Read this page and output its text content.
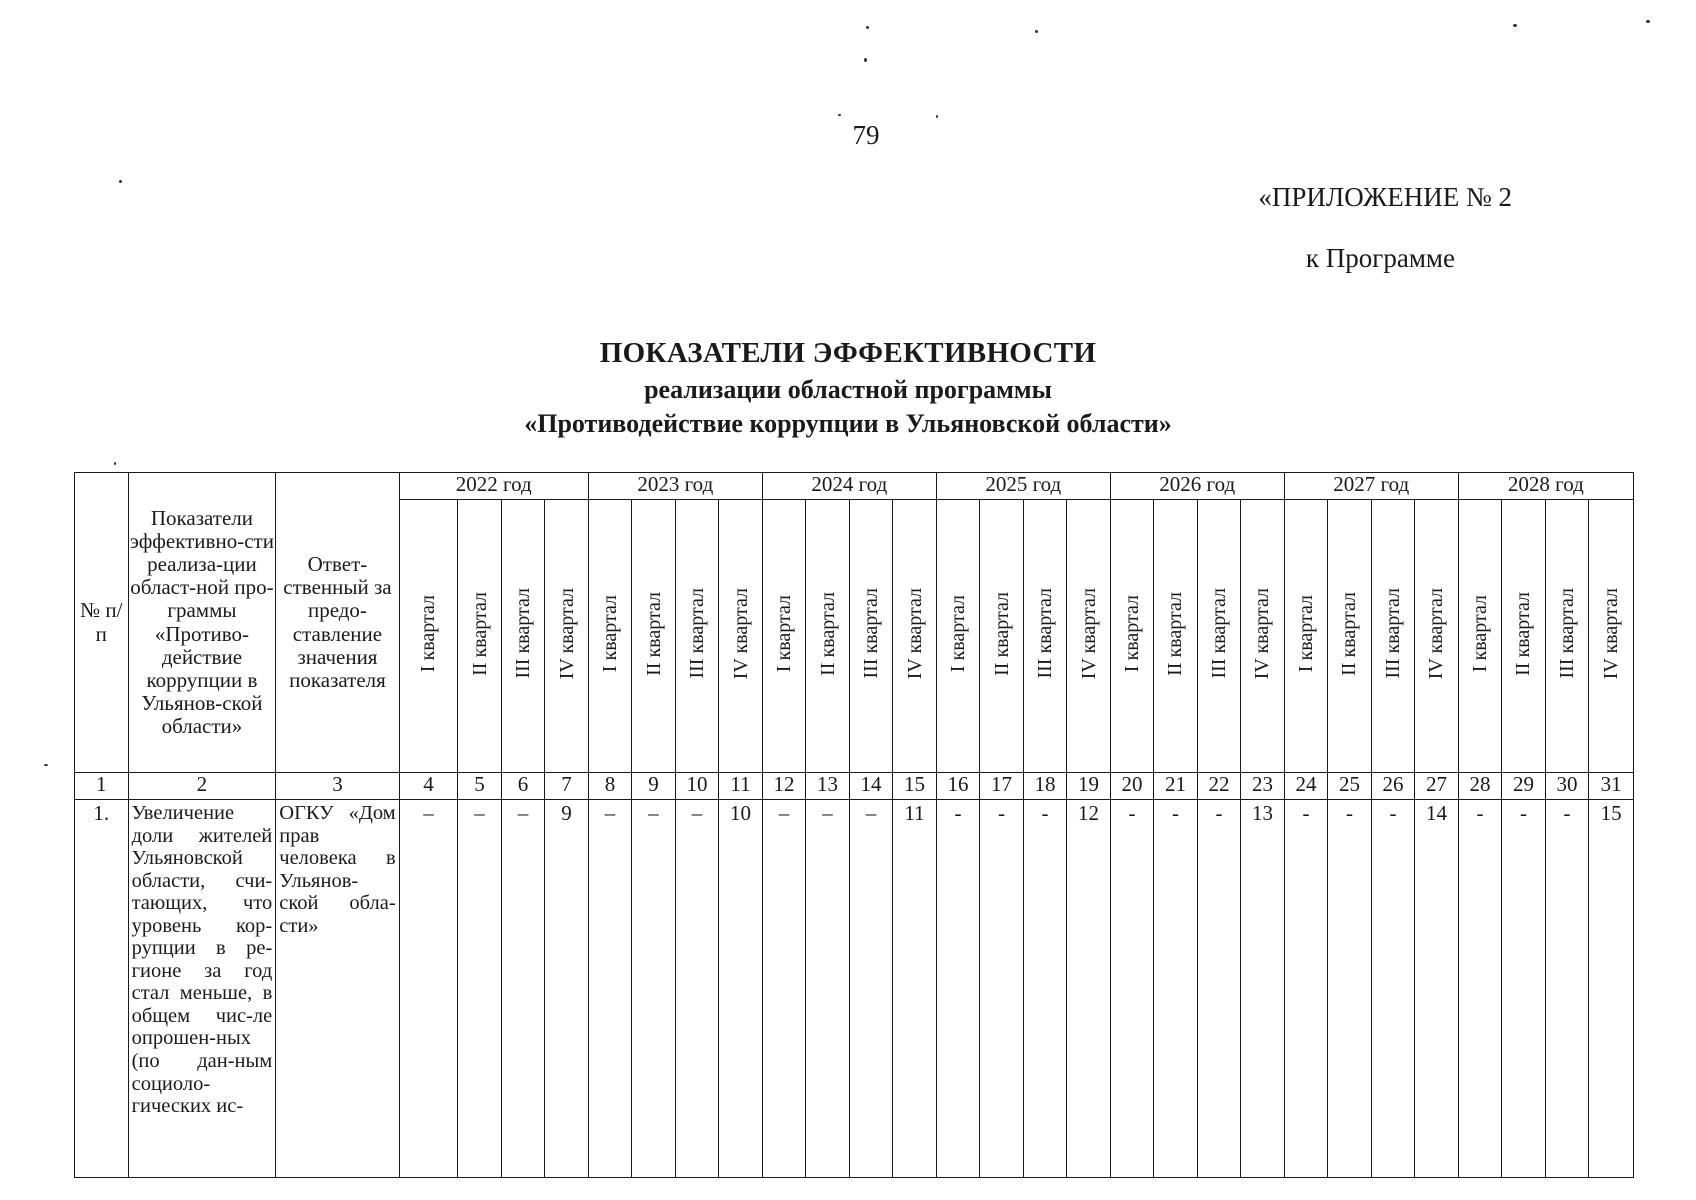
79
«ПРИЛОЖЕНИЕ № 2
к Программе
ПОКАЗАТЕЛИ ЭФФЕКТИВНОСТИ
реализации областной программы
«Противодействие коррупции в Ульяновской области»
№ п/п	Показатели эффективно-сти реализа-ции област-ной про-граммы «Противо-действие коррупции в Ульянов-ской области»	Ответ-ственный за предо-ставление значения показателя	2022 год				2023 год				2024 год				2025 год				2026 год				2027 год				2028 год			
			I квартал	II квартал	III квартал	IV квартал	I квартал	II квартал	III квартал	IV квартал	I квартал	II квартал	III квартал	IV квартал	I квартал	II квартал	III квартал	IV квартал	I квартал	II квартал	III квартал	IV квартал	I квартал	II квартал	III квартал	IV квартал	I квартал	II квартал	III квартал	IV квартал
1	2	3	4	5	6	7	8	9	10	11	12	13	14	15	16	17	18	19	20	21	22	23	24	25	26	27	28	29	30	31
1.	Увеличение доли жителей Ульяновской области, счи-тающих, что уровень кор-рупции в ре-гионе за год стал меньше, в общем чис-ле опрошен-ных (по дан-ным социоло-гических ис-	ОГКУ «Дом прав человека в Ульянов-ской обла-сти»	–	–	–	9	–	–	–	10	–	–	–	11	-	-	-	12	-	-	-	13	-	-	-	14	-	-	-	15
